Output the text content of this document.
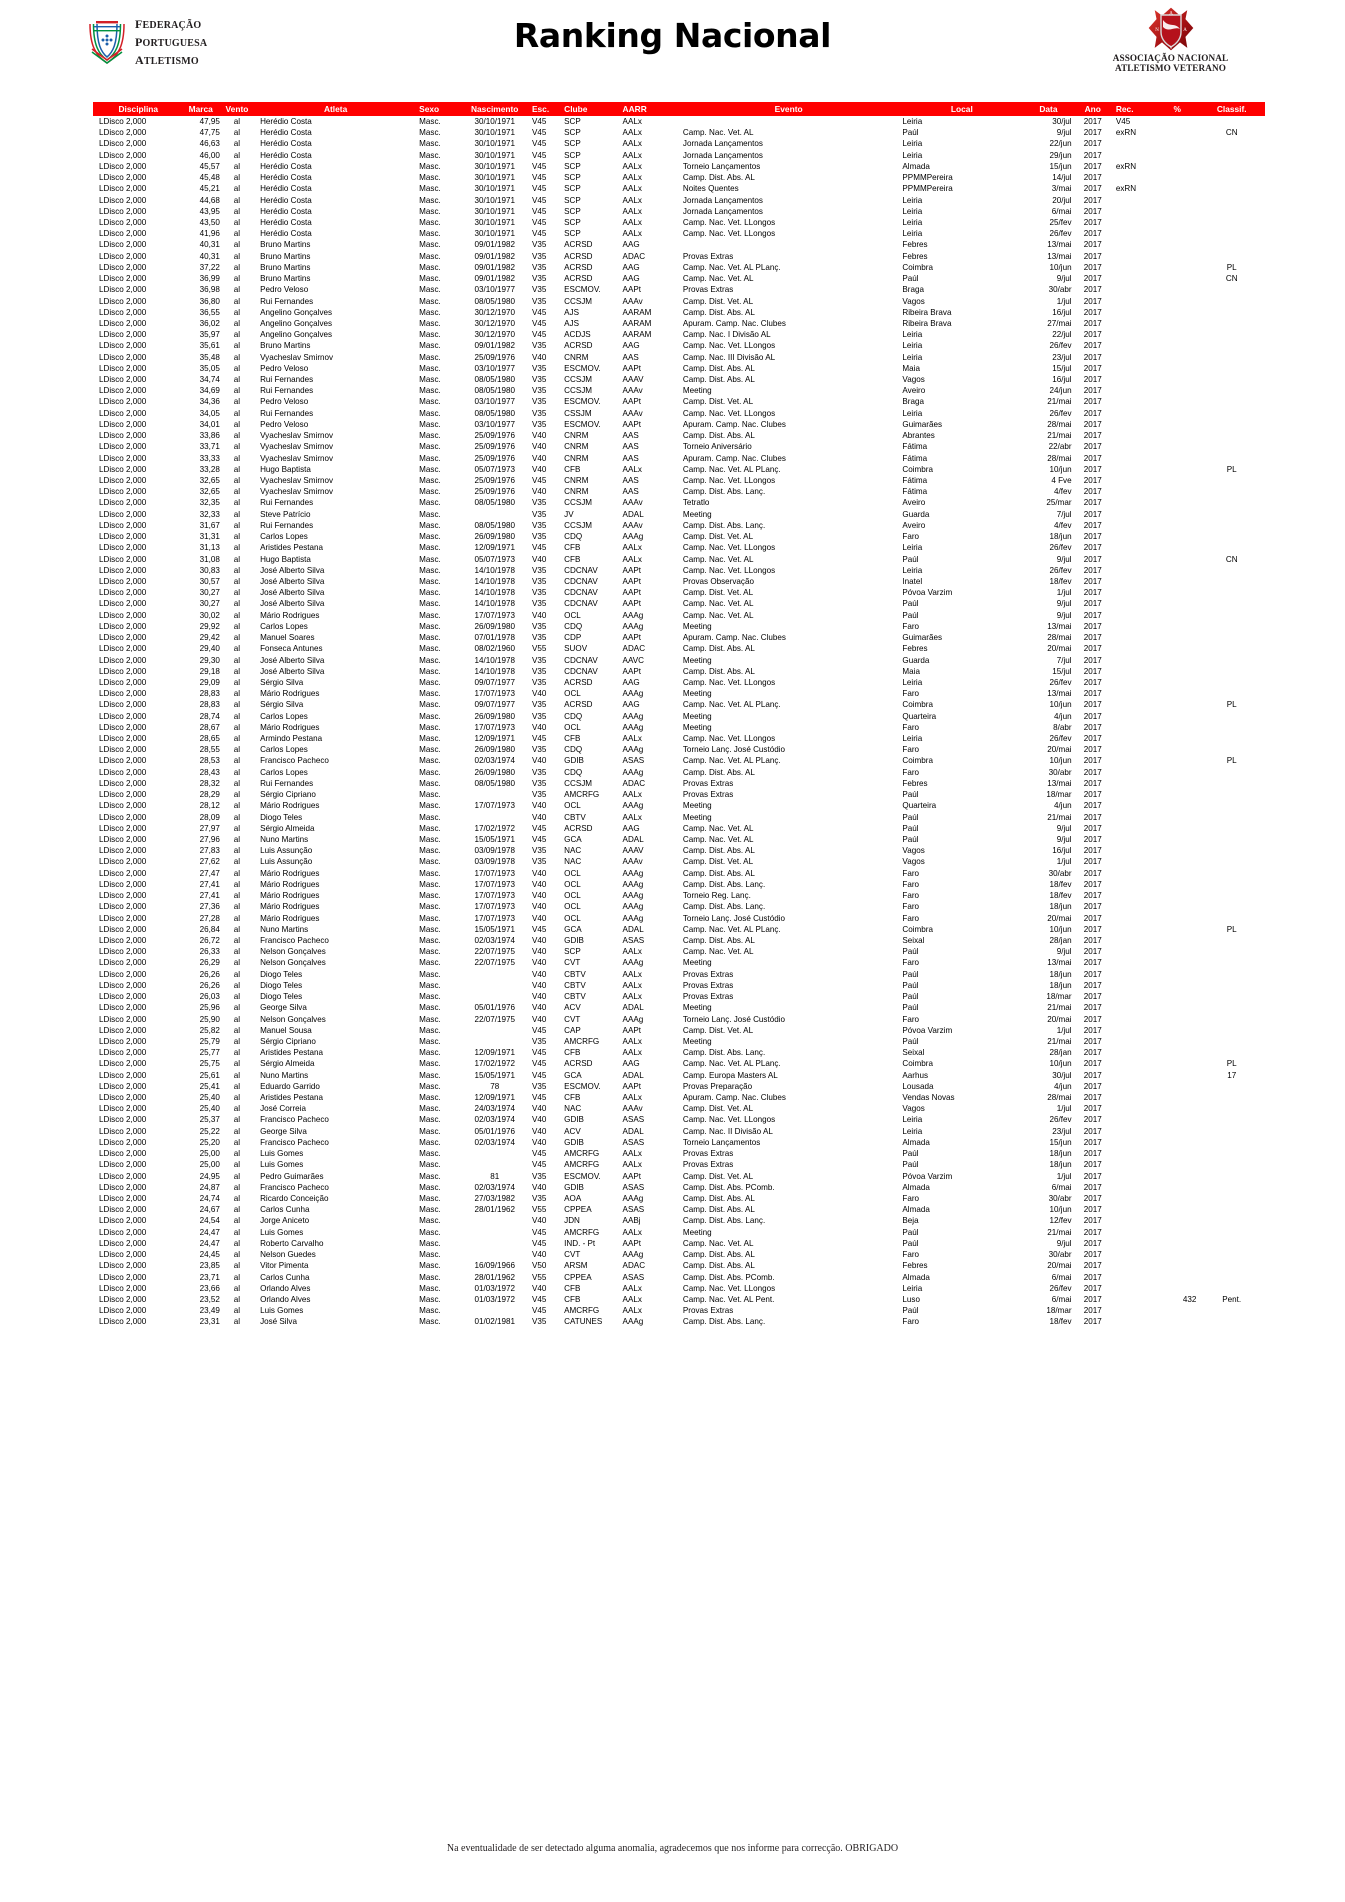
federação
portuguesa
atletismo
Ranking Nacional
A
N	A
V
ASSOCIAÇÃO NACIONAL
ATLETISMO VETERANO
Disciplina	Marca	Vento	Atleta	Sexo	Nascimento	Esc.	Clube	AARR	Evento	Local	Data	Ano	Rec.	%	Classif.
LDisco 2,000	47,95	al	Herédio Costa	Masc.	30/10/1971	V45	SCP	AALx		Leiria	30/jul	2017	V45		
LDisco 2,000	47,75	al	Herédio Costa	Masc.	30/10/1971	V45	SCP	AALx	Camp. Nac. Vet. AL	Paúl	9/jul	2017	exRN		CN
LDisco 2,000	46,63	al	Herédio Costa	Masc.	30/10/1971	V45	SCP	AALx	Jornada Lançamentos	Leiria	22/jun	2017			
LDisco 2,000	46,00	al	Herédio Costa	Masc.	30/10/1971	V45	SCP	AALx	Jornada Lançamentos	Leiria	29/jun	2017			
LDisco 2,000	45,57	al	Herédio Costa	Masc.	30/10/1971	V45	SCP	AALx	Torneio Lançamentos	Almada	15/jun	2017	exRN		
LDisco 2,000	45,48	al	Herédio Costa	Masc.	30/10/1971	V45	SCP	AALx	Camp. Dist. Abs. AL	PPMMPereira	14/jul	2017			
LDisco 2,000	45,21	al	Herédio Costa	Masc.	30/10/1971	V45	SCP	AALx	Noites Quentes	PPMMPereira	3/mai	2017	exRN		
LDisco 2,000	44,68	al	Herédio Costa	Masc.	30/10/1971	V45	SCP	AALx	Jornada Lançamentos	Leiria	20/jul	2017			
LDisco 2,000	43,95	al	Herédio Costa	Masc.	30/10/1971	V45	SCP	AALx	Jornada Lançamentos	Leiria	6/mai	2017			
LDisco 2,000	43,50	al	Herédio Costa	Masc.	30/10/1971	V45	SCP	AALx	Camp. Nac. Vet. LLongos	Leiria	25/fev	2017			
LDisco 2,000	41,96	al	Herédio Costa	Masc.	30/10/1971	V45	SCP	AALx	Camp. Nac. Vet. LLongos	Leiria	26/fev	2017			
LDisco 2,000	40,31	al	Bruno Martins	Masc.	09/01/1982	V35	ACRSD	AAG		Febres	13/mai	2017			
LDisco 2,000	40,31	al	Bruno Martins	Masc.	09/01/1982	V35	ACRSD	ADAC	Provas Extras	Febres	13/mai	2017			
LDisco 2,000	37,22	al	Bruno Martins	Masc.	09/01/1982	V35	ACRSD	AAG	Camp. Nac. Vet. AL PLanç.	Coimbra	10/jun	2017			PL
LDisco 2,000	36,99	al	Bruno Martins	Masc.	09/01/1982	V35	ACRSD	AAG	Camp. Nac. Vet. AL	Paúl	9/jul	2017			CN
LDisco 2,000	36,98	al	Pedro Veloso	Masc.	03/10/1977	V35	ESCMOV.	AAPt	Provas Extras	Braga	30/abr	2017			
LDisco 2,000	36,80	al	Rui Fernandes	Masc.	08/05/1980	V35	CCSJM	AAAv	Camp. Dist. Vet. AL	Vagos	1/jul	2017			
LDisco 2,000	36,55	al	Angelino Gonçalves	Masc.	30/12/1970	V45	AJS	AARAM	Camp. Dist. Abs. AL	Ribeira Brava	16/jul	2017			
LDisco 2,000	36,02	al	Angelino Gonçalves	Masc.	30/12/1970	V45	AJS	AARAM	Apuram. Camp. Nac. Clubes	Ribeira Brava	27/mai	2017			
LDisco 2,000	35,97	al	Angelino Gonçalves	Masc.	30/12/1970	V45	ACDJS	AARAM	Camp. Nac. I Divisão AL	Leiria	22/jul	2017			
LDisco 2,000	35,61	al	Bruno Martins	Masc.	09/01/1982	V35	ACRSD	AAG	Camp. Nac. Vet. LLongos	Leiria	26/fev	2017			
LDisco 2,000	35,48	al	Vyacheslav Smirnov	Masc.	25/09/1976	V40	CNRM	AAS	Camp. Nac. III Divisão AL	Leiria	23/jul	2017			
LDisco 2,000	35,05	al	Pedro Veloso	Masc.	03/10/1977	V35	ESCMOV.	AAPt	Camp. Dist. Abs. AL	Maia	15/jul	2017			
LDisco 2,000	34,74	al	Rui Fernandes	Masc.	08/05/1980	V35	CCSJM	AAAV	Camp. Dist. Abs. AL	Vagos	16/jul	2017			
LDisco 2,000	34,69	al	Rui Fernandes	Masc.	08/05/1980	V35	CCSJM	AAAv	Meeting	Aveiro	24/jun	2017			
LDisco 2,000	34,36	al	Pedro Veloso	Masc.	03/10/1977	V35	ESCMOV.	AAPt	Camp. Dist. Vet. AL	Braga	21/mai	2017			
LDisco 2,000	34,05	al	Rui Fernandes	Masc.	08/05/1980	V35	CSSJM	AAAv	Camp. Nac. Vet. LLongos	Leiria	26/fev	2017			
LDisco 2,000	34,01	al	Pedro Veloso	Masc.	03/10/1977	V35	ESCMOV.	AAPt	Apuram. Camp. Nac. Clubes	Guimarães	28/mai	2017			
LDisco 2,000	33,86	al	Vyacheslav Smirnov	Masc.	25/09/1976	V40	CNRM	AAS	Camp. Dist. Abs. AL	Abrantes	21/mai	2017			
LDisco 2,000	33,71	al	Vyacheslav Smirnov	Masc.	25/09/1976	V40	CNRM	AAS	Torneio Aniversário	Fátima	22/abr	2017			
LDisco 2,000	33,33	al	Vyacheslav Smirnov	Masc.	25/09/1976	V40	CNRM	AAS	Apuram. Camp. Nac. Clubes	Fátima	28/mai	2017			
LDisco 2,000	33,28	al	Hugo Baptista	Masc.	05/07/1973	V40	CFB	AALx	Camp. Nac. Vet. AL PLanç.	Coimbra	10/jun	2017			PL
LDisco 2,000	32,65	al	Vyacheslav Smirnov	Masc.	25/09/1976	V45	CNRM	AAS	Camp. Nac. Vet. LLongos	Fátima	4 Fve	2017			
LDisco 2,000	32,65	al	Vyacheslav Smirnov	Masc.	25/09/1976	V40	CNRM	AAS	Camp. Dist. Abs. Lanç.	Fátima	4/fev	2017			
LDisco 2,000	32,35	al	Rui Fernandes	Masc.	08/05/1980	V35	CCSJM	AAAv	Tetratlo	Aveiro	25/mar	2017			
LDisco 2,000	32,33	al	Steve Patrício	Masc.		V35	JV	ADAL	Meeting	Guarda	7/jul	2017			
LDisco 2,000	31,67	al	Rui Fernandes	Masc.	08/05/1980	V35	CCSJM	AAAv	Camp. Dist. Abs. Lanç.	Aveiro	4/fev	2017			
LDisco 2,000	31,31	al	Carlos Lopes	Masc.	26/09/1980	V35	CDQ	AAAg	Camp. Dist. Vet. AL	Faro	18/jun	2017			
LDisco 2,000	31,13	al	Aristides Pestana	Masc.	12/09/1971	V45	CFB	AALx	Camp. Nac. Vet. LLongos	Leiria	26/fev	2017			
LDisco 2,000	31,08	al	Hugo Baptista	Masc.	05/07/1973	V40	CFB	AALx	Camp. Nac. Vet. AL	Paúl	9/jul	2017			CN
LDisco 2,000	30,83	al	José Alberto Silva	Masc.	14/10/1978	V35	CDCNAV	AAPt	Camp. Nac. Vet. LLongos	Leiria	26/fev	2017			
LDisco 2,000	30,57	al	José Alberto Silva	Masc.	14/10/1978	V35	CDCNAV	AAPt	Provas Observação	Inatel	18/fev	2017			
LDisco 2,000	30,27	al	José Alberto Silva	Masc.	14/10/1978	V35	CDCNAV	AAPt	Camp. Dist. Vet. AL	Póvoa Varzim	1/jul	2017			
LDisco 2,000	30,27	al	José Alberto Silva	Masc.	14/10/1978	V35	CDCNAV	AAPt	Camp. Nac. Vet. AL	Paúl	9/jul	2017			
LDisco 2,000	30,02	al	Mário Rodrigues	Masc.	17/07/1973	V40	OCL	AAAg	Camp. Nac. Vet. AL	Paúl	9/jul	2017			
LDisco 2,000	29,92	al	Carlos Lopes	Masc.	26/09/1980	V35	CDQ	AAAg	Meeting	Faro	13/mai	2017			
LDisco 2,000	29,42	al	Manuel Soares	Masc.	07/01/1978	V35	CDP	AAPt	Apuram. Camp. Nac. Clubes	Guimarães	28/mai	2017			
LDisco 2,000	29,40	al	Fonseca Antunes	Masc.	08/02/1960	V55	SUOV	ADAC	Camp. Dist. Abs. AL	Febres	20/mai	2017			
LDisco 2,000	29,30	al	José Alberto Silva	Masc.	14/10/1978	V35	CDCNAV	AAVC	Meeting	Guarda	7/jul	2017			
LDisco 2,000	29,18	al	José Alberto Silva	Masc.	14/10/1978	V35	CDCNAV	AAPt	Camp. Dist. Abs. AL	Maia	15/jul	2017			
LDisco 2,000	29,09	al	Sérgio Silva	Masc.	09/07/1977	V35	ACRSD	AAG	Camp. Nac. Vet. LLongos	Leiria	26/fev	2017			
LDisco 2,000	28,83	al	Mário Rodrigues	Masc.	17/07/1973	V40	OCL	AAAg	Meeting	Faro	13/mai	2017			
LDisco 2,000	28,83	al	Sérgio Silva	Masc.	09/07/1977	V35	ACRSD	AAG	Camp. Nac. Vet. AL PLanç.	Coimbra	10/jun	2017			PL
LDisco 2,000	28,74	al	Carlos Lopes	Masc.	26/09/1980	V35	CDQ	AAAg	Meeting	Quarteira	4/jun	2017			
LDisco 2,000	28,67	al	Mário Rodrigues	Masc.	17/07/1973	V40	OCL	AAAg	Meeting	Faro	8/abr	2017			
LDisco 2,000	28,65	al	Armindo Pestana	Masc.	12/09/1971	V45	CFB	AALx	Camp. Nac. Vet. LLongos	Leiria	26/fev	2017			
LDisco 2,000	28,55	al	Carlos Lopes	Masc.	26/09/1980	V35	CDQ	AAAg	Torneio Lanç. José Custódio	Faro	20/mai	2017			
LDisco 2,000	28,53	al	Francisco Pacheco	Masc.	02/03/1974	V40	GDIB	ASAS	Camp. Nac. Vet. AL PLanç.	Coimbra	10/jun	2017			PL
LDisco 2,000	28,43	al	Carlos Lopes	Masc.	26/09/1980	V35	CDQ	AAAg	Camp. Dist. Abs. AL	Faro	30/abr	2017			
LDisco 2,000	28,32	al	Rui Fernandes	Masc.	08/05/1980	V35	CCSJM	ADAC	Provas Extras	Febres	13/mai	2017			
LDisco 2,000	28,29	al	Sérgio Cipriano	Masc.		V35	AMCRFG	AALx	Provas Extras	Paúl	18/mar	2017			
LDisco 2,000	28,12	al	Mário Rodrigues	Masc.	17/07/1973	V40	OCL	AAAg	Meeting	Quarteira	4/jun	2017			
LDisco 2,000	28,09	al	Diogo Teles	Masc.		V40	CBTV	AALx	Meeting	Paúl	21/mai	2017			
LDisco 2,000	27,97	al	Sérgio Almeida	Masc.	17/02/1972	V45	ACRSD	AAG	Camp. Nac. Vet. AL	Paúl	9/jul	2017			
LDisco 2,000	27,96	al	Nuno Martins	Masc.	15/05/1971	V45	GCA	ADAL	Camp. Nac. Vet. AL	Paúl	9/jul	2017			
LDisco 2,000	27,83	al	Luis Assunção	Masc.	03/09/1978	V35	NAC	AAAV	Camp. Dist. Abs. AL	Vagos	16/jul	2017			
LDisco 2,000	27,62	al	Luis Assunção	Masc.	03/09/1978	V35	NAC	AAAv	Camp. Dist. Vet. AL	Vagos	1/jul	2017			
LDisco 2,000	27,47	al	Mário Rodrigues	Masc.	17/07/1973	V40	OCL	AAAg	Camp. Dist. Abs. AL	Faro	30/abr	2017			
LDisco 2,000	27,41	al	Mário Rodrigues	Masc.	17/07/1973	V40	OCL	AAAg	Camp. Dist. Abs. Lanç.	Faro	18/fev	2017			
LDisco 2,000	27,41	al	Mário Rodrigues	Masc.	17/07/1973	V40	OCL	AAAg	Torneio Reg. Lanç.	Faro	18/fev	2017			
LDisco 2,000	27,36	al	Mário Rodrigues	Masc.	17/07/1973	V40	OCL	AAAg	Camp. Dist. Abs. Lanç.	Faro	18/jun	2017			
LDisco 2,000	27,28	al	Mário Rodrigues	Masc.	17/07/1973	V40	OCL	AAAg	Torneio Lanç. José Custódio	Faro	20/mai	2017			
LDisco 2,000	26,84	al	Nuno Martins	Masc.	15/05/1971	V45	GCA	ADAL	Camp. Nac. Vet. AL PLanç.	Coimbra	10/jun	2017			PL
LDisco 2,000	26,72	al	Francisco Pacheco	Masc.	02/03/1974	V40	GDIB	ASAS	Camp. Dist. Abs. AL	Seixal	28/jan	2017			
LDisco 2,000	26,33	al	Nelson Gonçalves	Masc.	22/07/1975	V40	SCP	AALx	Camp. Nac. Vet. AL	Paúl	9/jul	2017			
LDisco 2,000	26,29	al	Nelson Gonçalves	Masc.	22/07/1975	V40	CVT	AAAg	Meeting	Faro	13/mai	2017			
LDisco 2,000	26,26	al	Diogo Teles	Masc.		V40	CBTV	AALx	Provas Extras	Paúl	18/jun	2017			
LDisco 2,000	26,26	al	Diogo Teles	Masc.		V40	CBTV	AALx	Provas Extras	Paúl	18/jun	2017			
LDisco 2,000	26,03	al	Diogo Teles	Masc.		V40	CBTV	AALx	Provas Extras	Paúl	18/mar	2017			
LDisco 2,000	25,96	al	George Silva	Masc.	05/01/1976	V40	ACV	ADAL	Meeting	Paúl	21/mai	2017			
LDisco 2,000	25,90	al	Nelson Gonçalves	Masc.	22/07/1975	V40	CVT	AAAg	Torneio Lanç. José Custódio	Faro	20/mai	2017			
LDisco 2,000	25,82	al	Manuel Sousa	Masc.		V45	CAP	AAPt	Camp. Dist. Vet. AL	Póvoa Varzim	1/jul	2017			
LDisco 2,000	25,79	al	Sérgio Cipriano	Masc.		V35	AMCRFG	AALx	Meeting	Paúl	21/mai	2017			
LDisco 2,000	25,77	al	Aristides Pestana	Masc.	12/09/1971	V45	CFB	AALx	Camp. Dist. Abs. Lanç.	Seixal	28/jan	2017			
LDisco 2,000	25,75	al	Sérgio Almeida	Masc.	17/02/1972	V45	ACRSD	AAG	Camp. Nac. Vet. AL PLanç.	Coimbra	10/jun	2017			PL
LDisco 2,000	25,61	al	Nuno Martins	Masc.	15/05/1971	V45	GCA	ADAL	Camp. Europa Masters AL	Aarhus	30/jul	2017			17
LDisco 2,000	25,41	al	Eduardo Garrido	Masc.	78	V35	ESCMOV.	AAPt	Provas Preparação	Lousada	4/jun	2017			
LDisco 2,000	25,40	al	Aristides Pestana	Masc.	12/09/1971	V45	CFB	AALx	Apuram. Camp. Nac. Clubes	Vendas Novas	28/mai	2017			
LDisco 2,000	25,40	al	José Correia	Masc.	24/03/1974	V40	NAC	AAAv	Camp. Dist. Vet. AL	Vagos	1/jul	2017			
LDisco 2,000	25,37	al	Francisco Pacheco	Masc.	02/03/1974	V40	GDIB	ASAS	Camp. Nac. Vet. LLongos	Leiria	26/fev	2017			
LDisco 2,000	25,22	al	George Silva	Masc.	05/01/1976	V40	ACV	ADAL	Camp. Nac. II Divisão AL	Leiria	23/jul	2017			
LDisco 2,000	25,20	al	Francisco Pacheco	Masc.	02/03/1974	V40	GDIB	ASAS	Torneio Lançamentos	Almada	15/jun	2017			
LDisco 2,000	25,00	al	Luis Gomes	Masc.		V45	AMCRFG	AALx	Provas Extras	Paúl	18/jun	2017			
LDisco 2,000	25,00	al	Luis Gomes	Masc.		V45	AMCRFG	AALx	Provas Extras	Paúl	18/jun	2017			
LDisco 2,000	24,95	al	Pedro Guimarães	Masc.	81	V35	ESCMOV.	AAPt	Camp. Dist. Vet. AL	Póvoa Varzim	1/jul	2017			
LDisco 2,000	24,87	al	Francisco Pacheco	Masc.	02/03/1974	V40	GDIB	ASAS	Camp. Dist. Abs. PComb.	Almada	6/mai	2017			
LDisco 2,000	24,74	al	Ricardo Conceição	Masc.	27/03/1982	V35	AOA	AAAg	Camp. Dist. Abs. AL	Faro	30/abr	2017			
LDisco 2,000	24,67	al	Carlos Cunha	Masc.	28/01/1962	V55	CPPEA	ASAS	Camp. Dist. Abs. AL	Almada	10/jun	2017			
LDisco 2,000	24,54	al	Jorge Aniceto	Masc.		V40	JDN	AABj	Camp. Dist. Abs. Lanç.	Beja	12/fev	2017			
LDisco 2,000	24,47	al	Luis Gomes	Masc.		V45	AMCRFG	AALx	Meeting	Paúl	21/mai	2017			
LDisco 2,000	24,47	al	Roberto Carvalho	Masc.		V45	IND. - Pt	AAPt	Camp. Nac. Vet. AL	Paúl	9/jul	2017			
LDisco 2,000	24,45	al	Nelson Guedes	Masc.		V40	CVT	AAAg	Camp. Dist. Abs. AL	Faro	30/abr	2017			
LDisco 2,000	23,85	al	Vitor Pimenta	Masc.	16/09/1966	V50	ARSM	ADAC	Camp. Dist. Abs. AL	Febres	20/mai	2017			
LDisco 2,000	23,71	al	Carlos Cunha	Masc.	28/01/1962	V55	CPPEA	ASAS	Camp. Dist. Abs. PComb.	Almada	6/mai	2017			
LDisco 2,000	23,66	al	Orlando Alves	Masc.	01/03/1972	V40	CFB	AALx	Camp. Nac. Vet. LLongos	Leiria	26/fev	2017			
LDisco 2,000	23,52	al	Orlando Alves	Masc.	01/03/1972	V45	CFB	AALx	Camp. Nac. Vet. AL Pent.	Luso	6/mai	2017		432	Pent.
LDisco 2,000	23,49	al	Luis Gomes	Masc.		V45	AMCRFG	AALx	Provas Extras	Paúl	18/mar	2017			
LDisco 2,000	23,31	al	José Silva	Masc.	01/02/1981	V35	CATUNES	AAAg	Camp. Dist. Abs. Lanç.	Faro	18/fev	2017			
Na eventualidade de ser detectado alguma anomalia, agradecemos que nos informe para correcção. OBRIGADO
